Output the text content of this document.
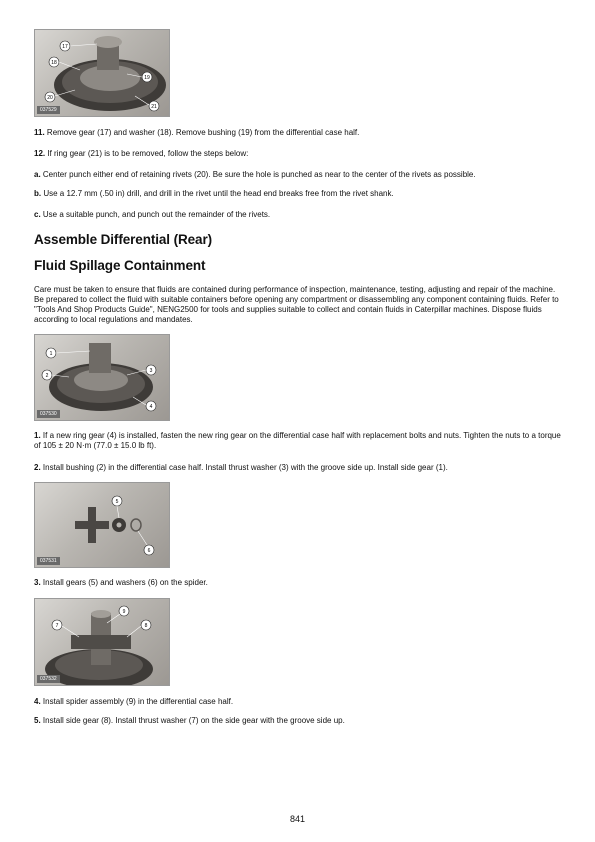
17
18
19
20
21
037529

11. Remove gear (17) and washer (18). Remove bushing (19) from the differential case half.

12. If ring gear (21) is to be removed, follow the steps below:

a. Center punch either end of retaining rivets (20). Be sure the hole is punched as near to the center of the rivets as possible.

b. Use a 12.7 mm (.50 in) drill, and drill in the rivet until the head end breaks free from the rivet shank.

c. Use a suitable punch, and punch out the remainder of the rivets.

Assemble Differential (Rear)
Fluid Spillage Containment

Care must be taken to ensure that fluids are contained during performance of inspection, maintenance, testing, adjusting and repair of the machine. Be prepared to collect the fluid with suitable containers before opening any compartment or disassembling any component containing fluids. Refer to "Tools And Shop Products Guide", NENG2500 for tools and supplies suitable to collect and contain fluids in Caterpillar machines. Dispose fluids according to local regulations and mandates.

1
2
3
4
037530

1. If a new ring gear (4) is installed, fasten the new ring gear on the differential case half with replacement bolts and nuts. Tighten the nuts to a torque of 105 ± 20 N·m (77.0 ± 15.0 lb ft).

2. Install bushing (2) in the differential case half. Install thrust washer (3) with the groove side up. Install side gear (1).

5
6
037531

3. Install gears (5) and washers (6) on the spider.

9
7	8
037532

4. Install spider assembly (9) in the differential case half.

5. Install side gear (8). Install thrust washer (7) on the side gear with the groove side up.

841
